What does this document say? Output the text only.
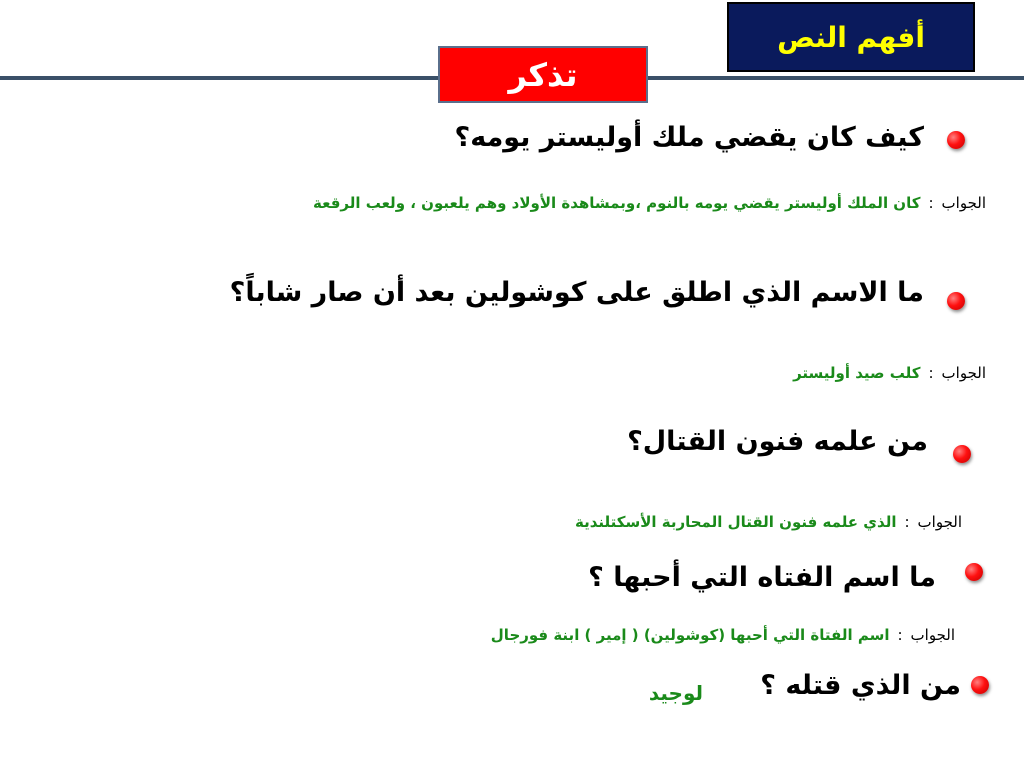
أفهم النص
تذكر
كيف كان يقضي ملك أوليستر يومه؟
الجواب:كان الملك أوليستر يقضي يومه بالنوم ،وبمشاهدة الأولاد وهم يلعبون ، ولعب الرقعة
ما الاسم الذي اطلق على كوشولين بعد أن صار شاباً؟
الجواب:كلب صيد أوليستر
من علمه فنون القتال؟
الجواب:الذي علمه فنون القتال المحاربة الأسكتلندية
ما اسم الفتاه التي أحبها ؟
الجواب:اسم الفتاة التي أحبها (كوشولين) ( إمير ) ابنة فورجال
من الذي قتله ؟
لوجيد
